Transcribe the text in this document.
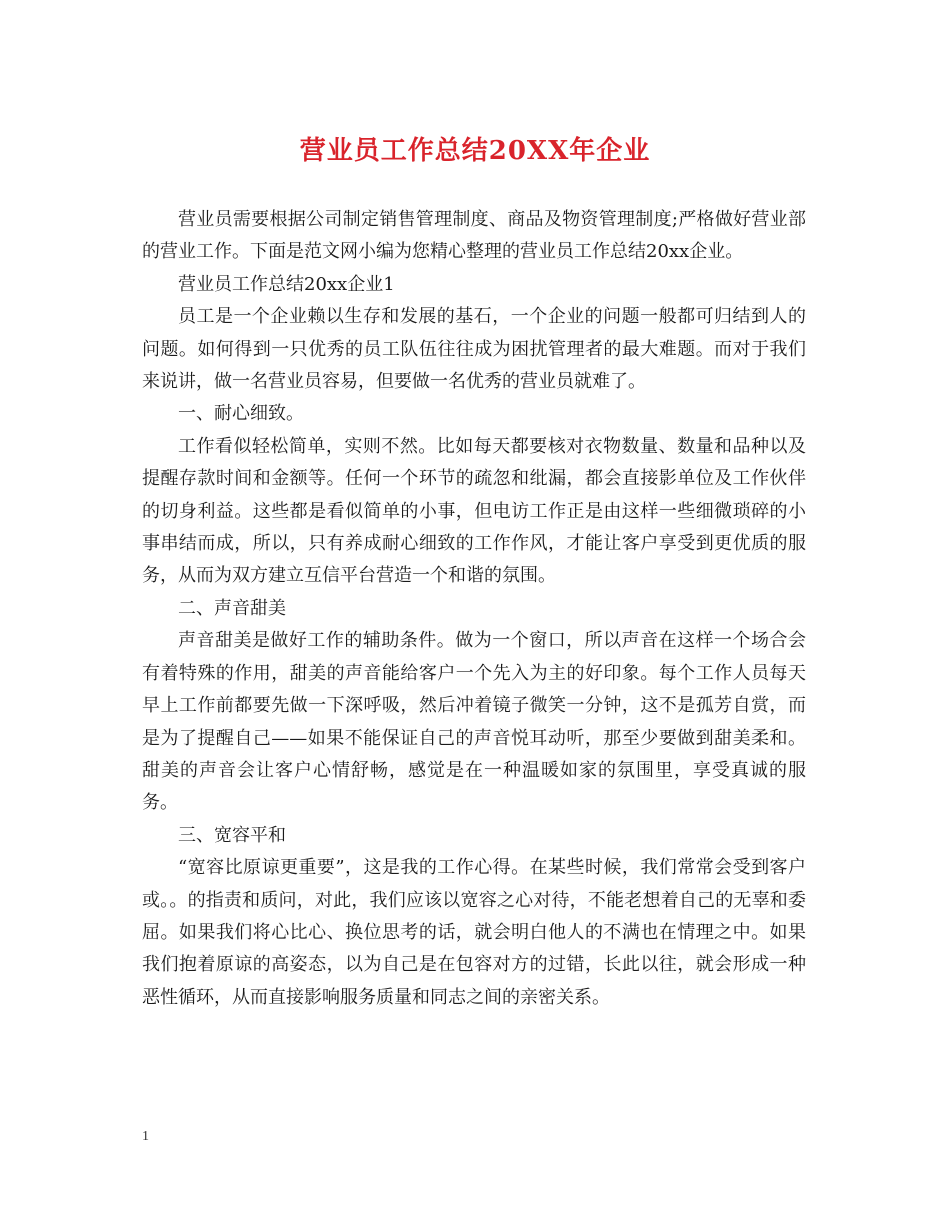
营业员工作总结20XX年企业

营业员需要根据公司制定销售管理制度、商品及物资管理制度;严格做好营业部的营业工作。下面是范文网小编为您精心整理的营业员工作总结20xx企业。

营业员工作总结20xx企业1

员工是一个企业赖以生存和发展的基石，一个企业的问题一般都可归结到人的问题。如何得到一只优秀的员工队伍往往成为困扰管理者的最大难题。而对于我们来说讲，做一名营业员容易，但要做一名优秀的营业员就难了。

一、耐心细致。

工作看似轻松简单，实则不然。比如每天都要核对衣物数量、数量和品种以及提醒存款时间和金额等。任何一个环节的疏忽和纰漏，都会直接影单位及工作伙伴的切身利益。这些都是看似简单的小事，但电访工作正是由这样一些细微琐碎的小事串结而成，所以，只有养成耐心细致的工作作风，才能让客户享受到更优质的服务，从而为双方建立互信平台营造一个和谐的氛围。

二、声音甜美

声音甜美是做好工作的辅助条件。做为一个窗口，所以声音在这样一个场合会有着特殊的作用，甜美的声音能给客户一个先入为主的好印象。每个工作人员每天早上工作前都要先做一下深呼吸，然后冲着镜子微笑一分钟，这不是孤芳自赏，而是为了提醒自己——如果不能保证自己的声音悦耳动听，那至少要做到甜美柔和。甜美的声音会让客户心情舒畅，感觉是在一种温暖如家的氛围里，享受真诚的服务。

三、宽容平和

“宽容比原谅更重要”，这是我的工作心得。在某些时候，我们常常会受到客户或。。的指责和质问，对此，我们应该以宽容之心对待，不能老想着自己的无辜和委屈。如果我们将心比心、换位思考的话，就会明白他人的不满也在情理之中。如果我们抱着原谅的高姿态，以为自己是在包容对方的过错，长此以往，就会形成一种恶性循环，从而直接影响服务质量和同志之间的亲密关系。

1
